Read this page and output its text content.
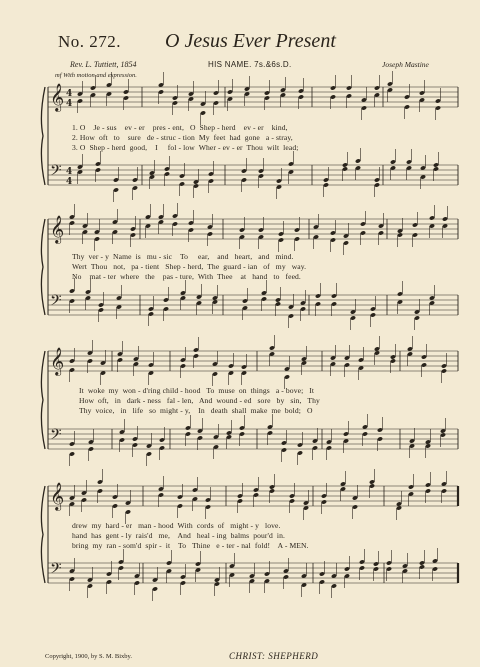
No. 272. O Jesus Ever Present
Rev. L. Tuttiett, 1854	HIS NAME. 7s.&6s.D.	Joseph Mastine
mf With motion and expression.
𝄞 4
4
𝄢 4
4
𝄞
𝄢
𝄞
𝄢
𝄞
𝄢
1. O    Je - sus    ev - er    pres - ent,   O  Shep - herd    ev - er    kind,
2. How  oft   to    sure   de - struc - tion  My  feet  had  gone   a - stray,
3. O  Shep - herd  good,    I     fol - low  Wher - ev - er  Thou  wilt  lead;
Thy  ver - y  Name  is   mu - sic    To     ear,    and   heart,   and   mind.
Wert  Thou   not,   pa - tient   Shep - herd,  The  guard - ian   of   my   way.
No    mat - ter  where   the    pas - ture,  With  Thee    at   hand   to   feed.
It  woke  my  won - d'ring child - hood   To  muse  on  things   a - bove;   It
How  oft,   in   dark - ness   fal - len,   And  wound - ed   sore   by   sin,   Thy
Thy  voice,   in   life   so  might - y,    In   death  shall  make  me  bold;   O
drew  my  hard - er   man - hood  With  cords  of   might - y   love.
hand  has  gent - ly  rais'd   me,    And   heal - ing  balms  pour'd  in.
bring  my  ran - som'd  spir -  it    To   Thine   e - ter - nal  fold!    A - MEN.
Copyright, 1900, by S. M. Bixby.	CHRIST: SHEPHERD
